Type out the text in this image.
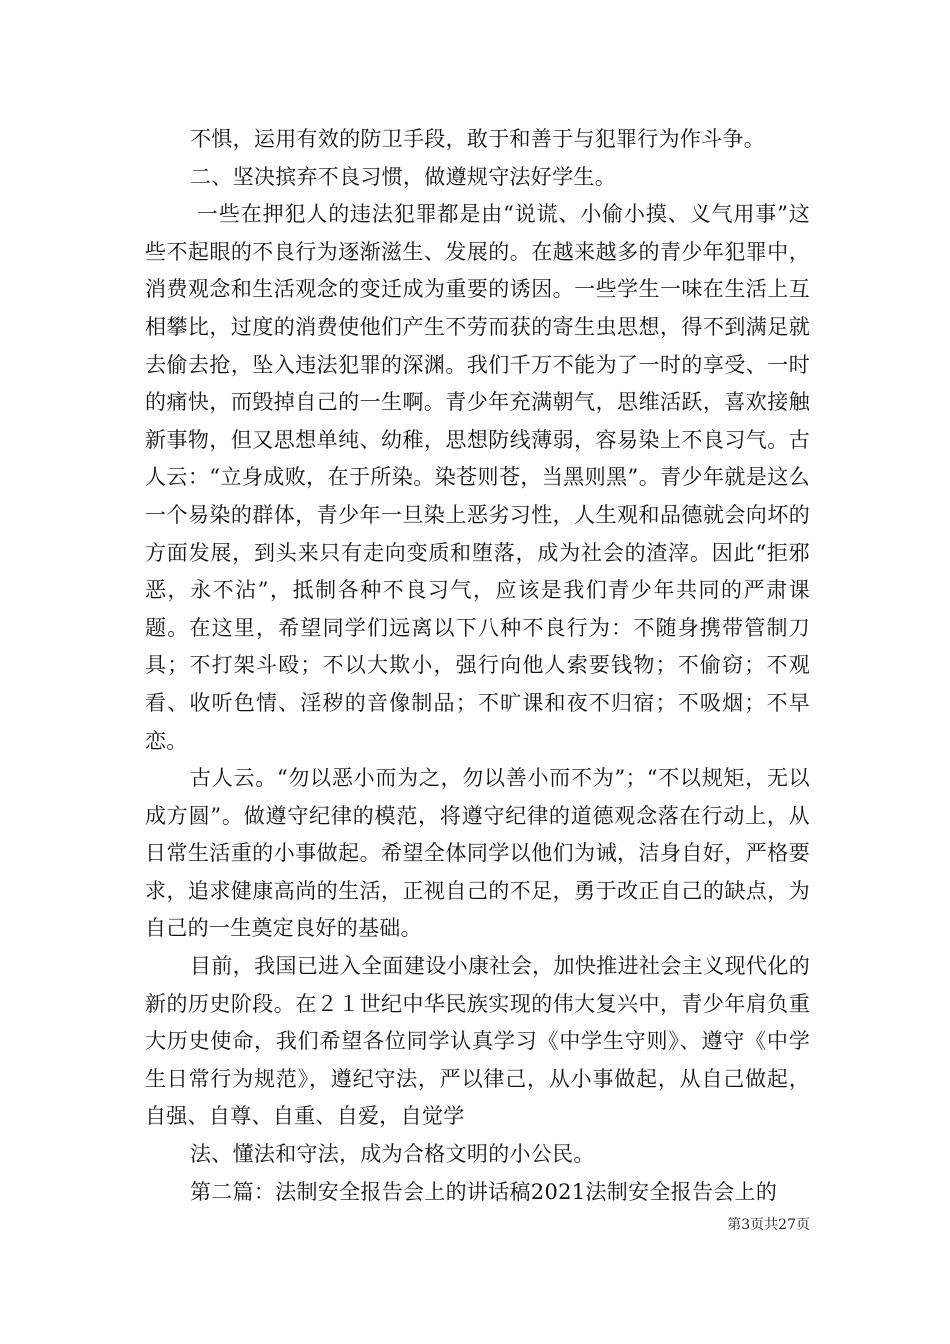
不惧，运用有效的防卫手段，敢于和善于与犯罪行为作斗争。

二、坚决摈弃不良习惯，做遵规守法好学生。

一些在押犯人的违法犯罪都是由“说谎、小偷小摸、义气用事”这些不起眼的不良行为逐渐滋生、发展的。在越来越多的青少年犯罪中，消费观念和生活观念的变迁成为重要的诱因。一些学生一味在生活上互相攀比，过度的消费使他们产生不劳而获的寄生虫思想，得不到满足就去偷去抢，坠入违法犯罪的深渊。我们千万不能为了一时的享受、一时的痛快，而毁掉自己的一生啊。青少年充满朝气，思维活跃，喜欢接触新事物，但又思想单纯、幼稚，思想防线薄弱，容易染上不良习气。古人云：“立身成败，在于所染。染苍则苍，当黑则黑”。青少年就是这么一个易染的群体，青少年一旦染上恶劣习性，人生观和品德就会向坏的方面发展，到头来只有走向变质和堕落，成为社会的渣滓。因此“拒邪恶，永不沾”，抵制各种不良习气，应该是我们青少年共同的严肃课题。在这里，希望同学们远离以下八种不良行为：不随身携带管制刀具；不打架斗殴；不以大欺小，强行向他人索要钱物；不偷窃；不观看、收听色情、淫秽的音像制品；不旷课和夜不归宿；不吸烟；不早恋。

古人云。“勿以恶小而为之，勿以善小而不为”；“不以规矩，无以成方圆”。做遵守纪律的模范，将遵守纪律的道德观念落在行动上，从日常生活重的小事做起。希望全体同学以他们为诫，洁身自好，严格要求，追求健康高尚的生活，正视自己的不足，勇于改正自己的缺点，为自己的一生奠定良好的基础。

目前，我国已进入全面建设小康社会，加快推进社会主义现代化的新的历史阶段。在２１世纪中华民族实现的伟大复兴中，青少年肩负重大历史使命，我们希望各位同学认真学习《中学生守则》、遵守《中学生日常行为规范》，遵纪守法，严以律己，从小事做起，从自己做起，自强、自尊、自重、自爱，自觉学

法、懂法和守法，成为合格文明的小公民。

第二篇：法制安全报告会上的讲话稿2021法制安全报告会上的

第3页共27页
